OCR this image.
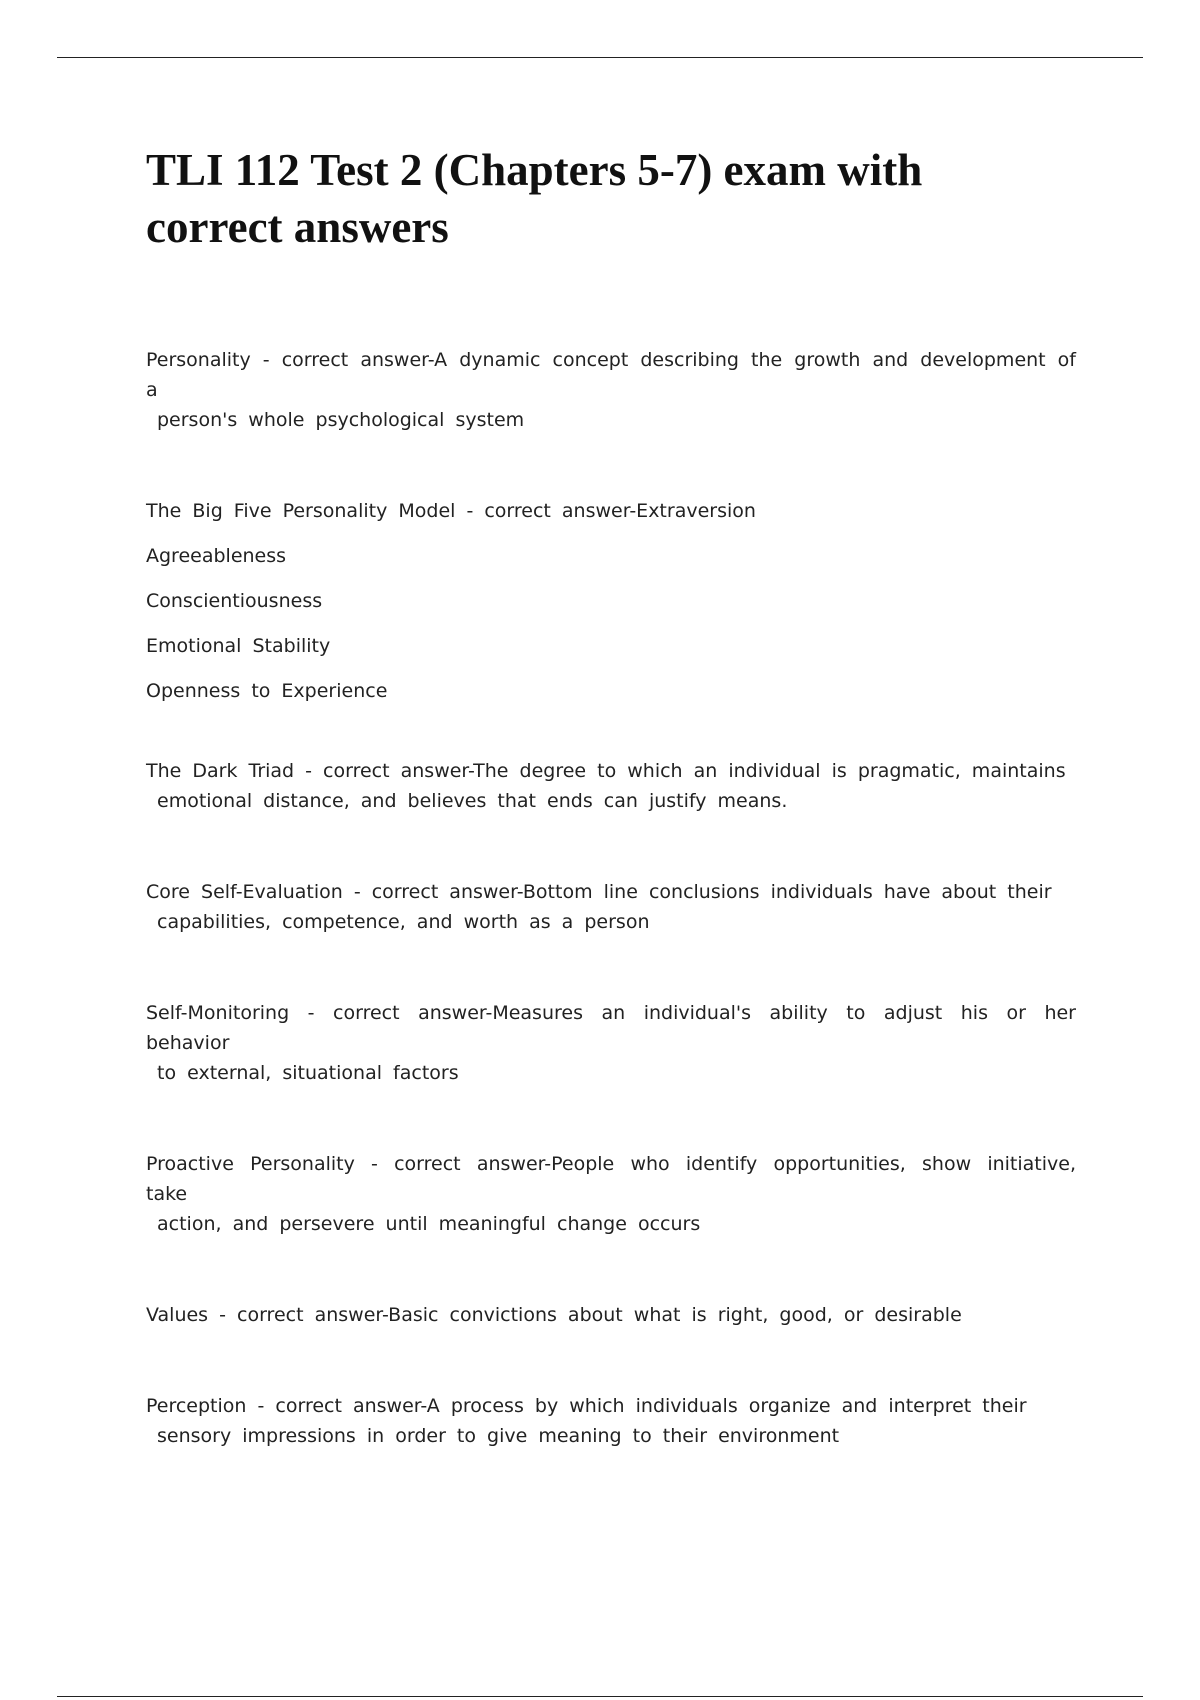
TLI 112 Test 2 (Chapters 5-7) exam with
correct answers

Personality - correct answer-A dynamic concept describing the growth and development of a
person's whole psychological system

The Big Five Personality Model - correct answer-Extraversion
Agreeableness
Conscientiousness
Emotional Stability
Openness to Experience

The Dark Triad - correct answer-The degree to which an individual is pragmatic, maintains
emotional distance, and believes that ends can justify means.

Core Self-Evaluation - correct answer-Bottom line conclusions individuals have about their
capabilities, competence, and worth as a person

Self-Monitoring - correct answer-Measures an individual's ability to adjust his or her behavior
to external, situational factors

Proactive Personality - correct answer-People who identify opportunities, show initiative, take
action, and persevere until meaningful change occurs

Values - correct answer-Basic convictions about what is right, good, or desirable

Perception - correct answer-A process by which individuals organize and interpret their
sensory impressions in order to give meaning to their environment
